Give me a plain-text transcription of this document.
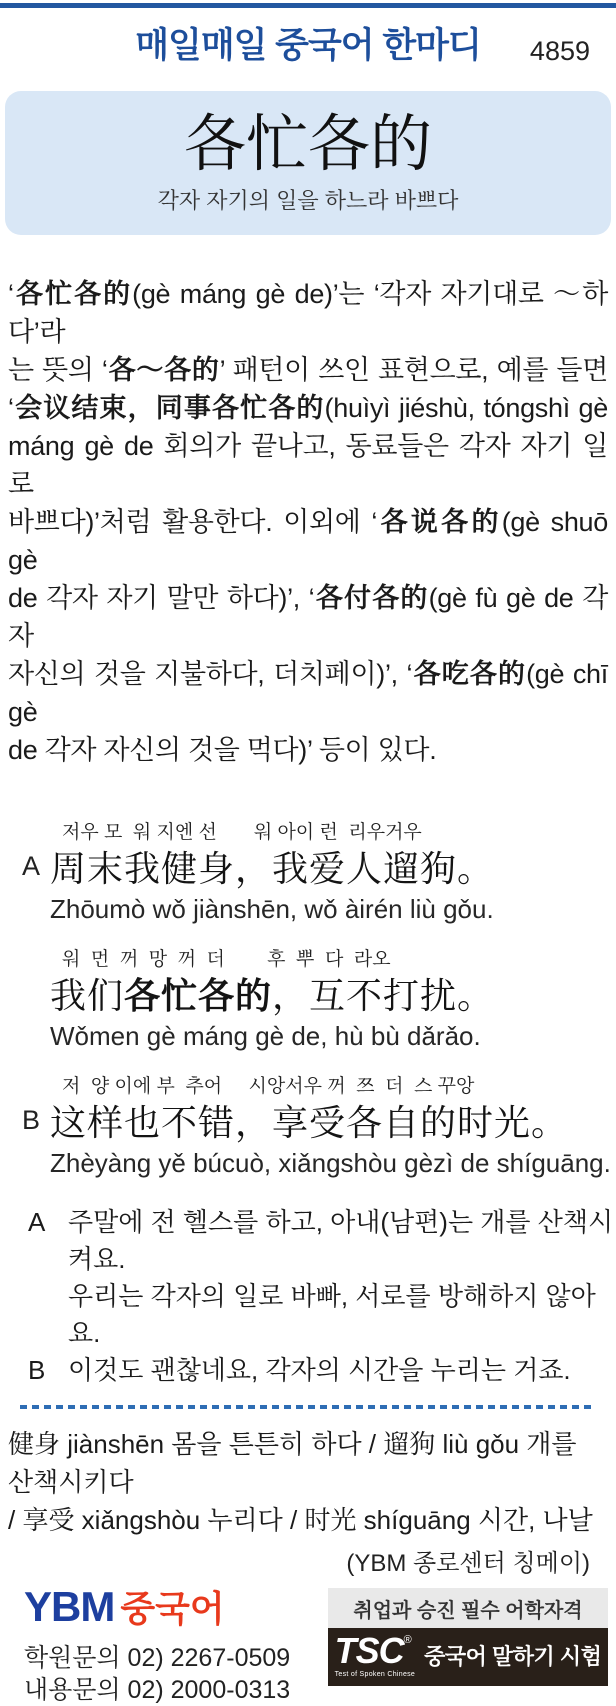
매일매일 중국어 한마디 4859
各忙各的
각자 자기의 일을 하느라 바쁘다
‘各忙各的(gè máng gè de)’는 ‘각자 자기대로 ～하다’라
는 뜻의 ‘各～各的’ 패턴이 쓰인 표현으로, 예를 들면
‘会议结束，同事各忙各的(huìyì jiéshù, tóngshì gè
máng gè de 회의가 끝나고, 동료들은 각자 자기 일로
바쁘다)’처럼 활용한다. 이외에 ‘各说各的(gè shuō gè
de 각자 자기 말만 하다)’, ‘各付各的(gè fù gè de 각자
자신의 것을 지불하다, 더치페이)’, ‘各吃各的(gè chī gè
de 각자 자신의 것을 먹다)’ 등이 있다.
A
저우 모  워 지엔 선       워 아이 런  리우거우
周末我健身，我爱人遛狗。
Zhōumò wǒ jiànshēn, wǒ àirén liù gǒu.
워  먼  꺼  망  꺼  더        후  뿌  다  라오
我们各忙各的，互不打扰。
Wǒmen gè máng gè de, hù bù dǎrǎo.
B
저  양 이에 부  추어     시앙서우 꺼  쯔  더  스 꾸앙
这样也不错，享受各自的时光。
Zhèyàng yě búcuò, xiǎngshòu gèzì de shíguāng.
A 주말에 전 헬스를 하고, 아내(남편)는 개를 산책시켜요.
우리는 각자의 일로 바빠, 서로를 방해하지 않아요.
B 이것도 괜찮네요, 각자의 시간을 누리는 거죠.
健身 jiànshēn 몸을 튼튼히 하다 / 遛狗 liù gǒu 개를 산책시키다
/ 享受 xiǎngshòu 누리다 / 时光 shíguāng 시간, 나날
(YBM 종로센터 칭메이)
YBM 중국어
학원문의 02) 2267-0509
내용문의 02) 2000-0313
취업과 승진 필수 어학자격
TSC ®
Test of Spoken Chinese
중국어 말하기 시험
